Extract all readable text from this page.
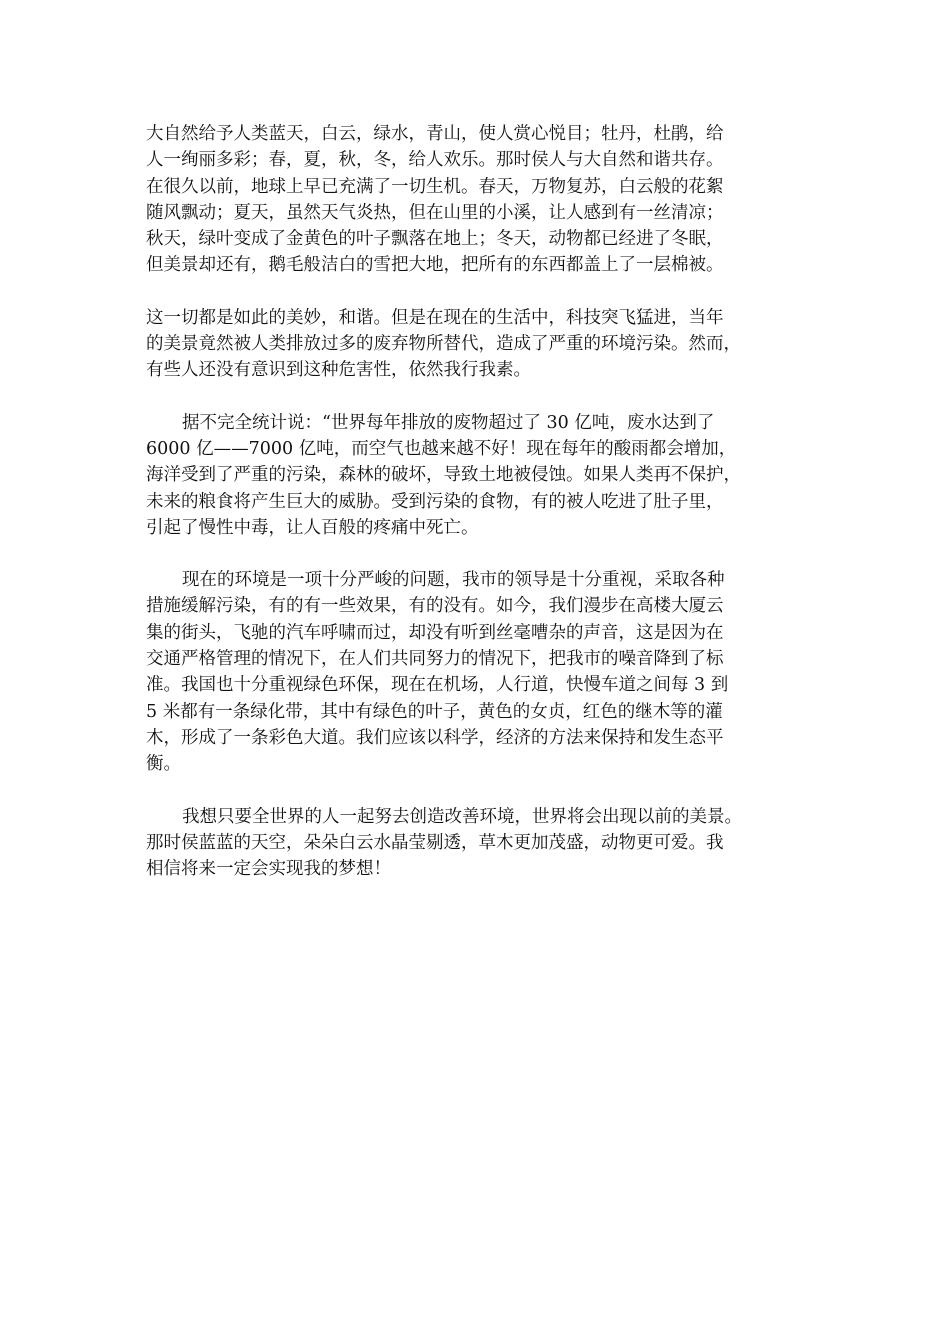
大自然给予人类蓝天，白云，绿水，青山，使人赏心悦目；牡丹，杜鹃，给
人一绚丽多彩；春，夏，秋，冬，给人欢乐。那时侯人与大自然和谐共存。
在很久以前，地球上早已充满了一切生机。春天，万物复苏，白云般的花絮
随风飘动；夏天，虽然天气炎热，但在山里的小溪，让人感到有一丝清凉；
秋天，绿叶变成了金黄色的叶子飘落在地上；冬天，动物都已经进了冬眠，
但美景却还有，鹅毛般洁白的雪把大地，把所有的东西都盖上了一层棉被。
这一切都是如此的美妙，和谐。但是在现在的生活中，科技突飞猛进，当年
的美景竟然被人类排放过多的废弃物所替代，造成了严重的环境污染。然而，
有些人还没有意识到这种危害性，依然我行我素。
据不完全统计说：“世界每年排放的废物超过了 30 亿吨，废水达到了
6000 亿——7000 亿吨，而空气也越来越不好！现在每年的酸雨都会增加，
海洋受到了严重的污染，森林的破坏，导致土地被侵蚀。如果人类再不保护，
未来的粮食将产生巨大的威胁。受到污染的食物，有的被人吃进了肚子里，
引起了慢性中毒，让人百般的疼痛中死亡。
现在的环境是一项十分严峻的问题，我市的领导是十分重视，采取各种
措施缓解污染，有的有一些效果，有的没有。如今，我们漫步在高楼大厦云
集的街头，飞驰的汽车呼啸而过，却没有听到丝毫嘈杂的声音，这是因为在
交通严格管理的情况下，在人们共同努力的情况下，把我市的噪音降到了标
准。我国也十分重视绿色环保，现在在机场，人行道，快慢车道之间每 3 到
5 米都有一条绿化带，其中有绿色的叶子，黄色的女贞，红色的继木等的灌
木，形成了一条彩色大道。我们应该以科学，经济的方法来保持和发生态平
衡。
我想只要全世界的人一起努去创造改善环境，世界将会出现以前的美景。
那时侯蓝蓝的天空，朵朵白云水晶莹剔透，草木更加茂盛，动物更可爱。我
相信将来一定会实现我的梦想！
